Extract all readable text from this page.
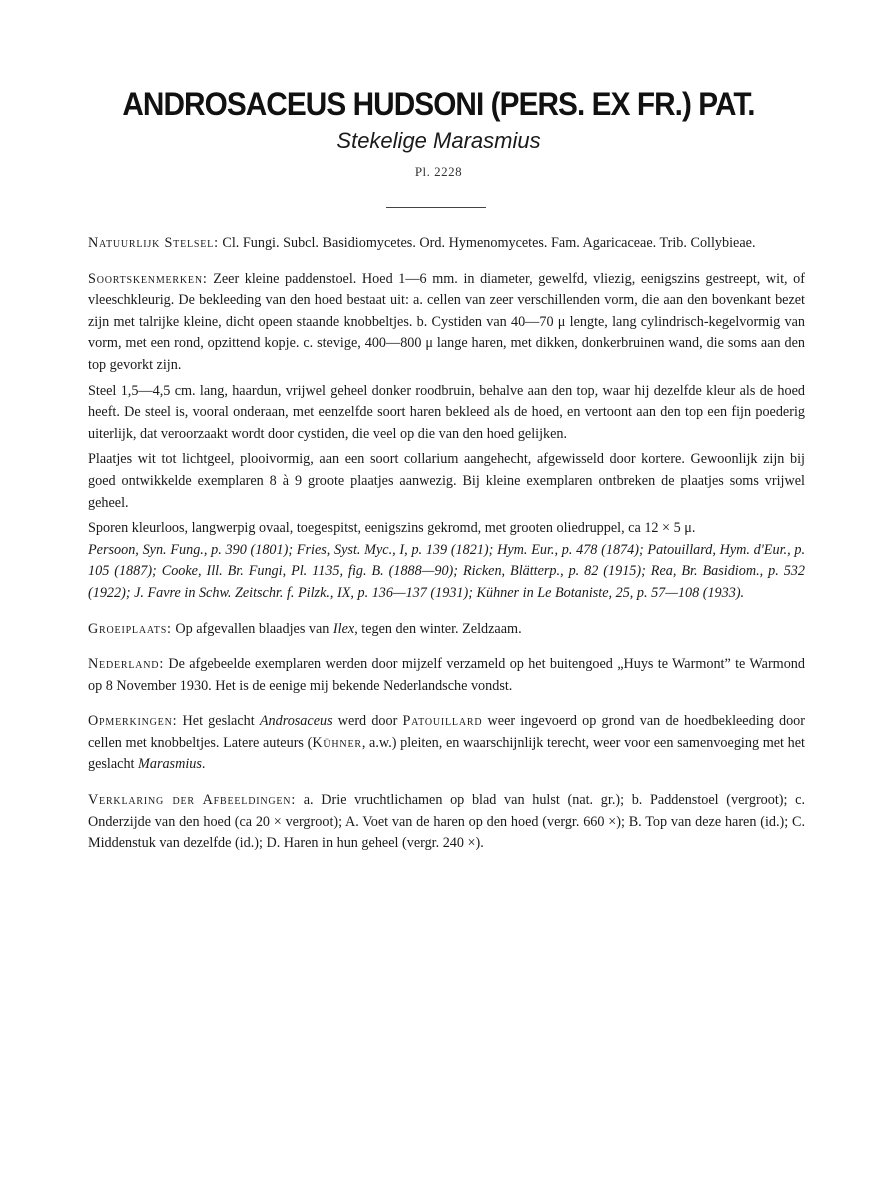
ANDROSACEUS HUDSONI (PERS. EX FR.) PAT.
Stekelige Marasmius
Pl. 2228

Natuurlijk Stelsel: Cl. Fungi. Subcl. Basidiomycetes. Ord. Hymenomycetes. Fam. Agaricaceae. Trib. Collybieae.

Soortskenmerken: Zeer kleine paddenstoel. Hoed 1—6 mm. in diameter, gewelfd, vliezig, eenigszins gestreept, wit, of vleeschkleurig. De bekleeding van den hoed bestaat uit: a. cellen van zeer verschillenden vorm, die aan den bovenkant bezet zijn met talrijke kleine, dicht opeen staande knobbeltjes. b. Cystiden van 40—70 μ lengte, lang cylindrisch-kegelvormig van vorm, met een rond, opzittend kopje. c. stevige, 400—800 μ lange haren, met dikken, donkerbruinen wand, die soms aan den top gevorkt zijn.

Steel 1,5—4,5 cm. lang, haardun, vrijwel geheel donker roodbruin, behalve aan den top, waar hij dezelfde kleur als de hoed heeft. De steel is, vooral onderaan, met eenzelfde soort haren bekleed als de hoed, en vertoont aan den top een fijn poederig uiterlijk, dat veroorzaakt wordt door cystiden, die veel op die van den hoed gelijken.

Plaatjes wit tot lichtgeel, plooivormig, aan een soort collarium aangehecht, afgewisseld door kortere. Gewoonlijk zijn bij goed ontwikkelde exemplaren 8 à 9 groote plaatjes aanwezig. Bij kleine exemplaren ontbreken de plaatjes soms vrijwel geheel.

Sporen kleurloos, langwerpig ovaal, toegespitst, eenigszins gekromd, met grooten oliedruppel, ca 12 × 5 μ.

Persoon, Syn. Fung., p. 390 (1801); Fries, Syst. Myc., I, p. 139 (1821); Hym. Eur., p. 478 (1874); Patouillard, Hym. d'Eur., p. 105 (1887); Cooke, Ill. Br. Fungi, Pl. 1135, fig. B. (1888—90); Ricken, Blätterp., p. 82 (1915); Rea, Br. Basidiom., p. 532 (1922); J. Favre in Schw. Zeitschr. f. Pilzk., IX, p. 136—137 (1931); Kühner in Le Botaniste, 25, p. 57—108 (1933).

Groeiplaats: Op afgevallen blaadjes van Ilex, tegen den winter. Zeldzaam.

Nederland: De afgebeelde exemplaren werden door mijzelf verzameld op het buitengoed „Huys te Warmont” te Warmond op 8 November 1930. Het is de eenige mij bekende Nederlandsche vondst.

Opmerkingen: Het geslacht Androsaceus werd door Patouillard weer ingevoerd op grond van de hoedbekleeding door cellen met knobbeltjes. Latere auteurs (Kühner, a.w.) pleiten, en waarschijnlijk terecht, weer voor een samenvoeging met het geslacht Marasmius.

Verklaring der Afbeeldingen: a. Drie vruchtlichamen op blad van hulst (nat. gr.); b. Paddenstoel (vergroot); c. Onderzijde van den hoed (ca 20 × vergroot); A. Voet van de haren op den hoed (vergr. 660 ×); B. Top van deze haren (id.); C. Middenstuk van dezelfde (id.); D. Haren in hun geheel (vergr. 240 ×).
